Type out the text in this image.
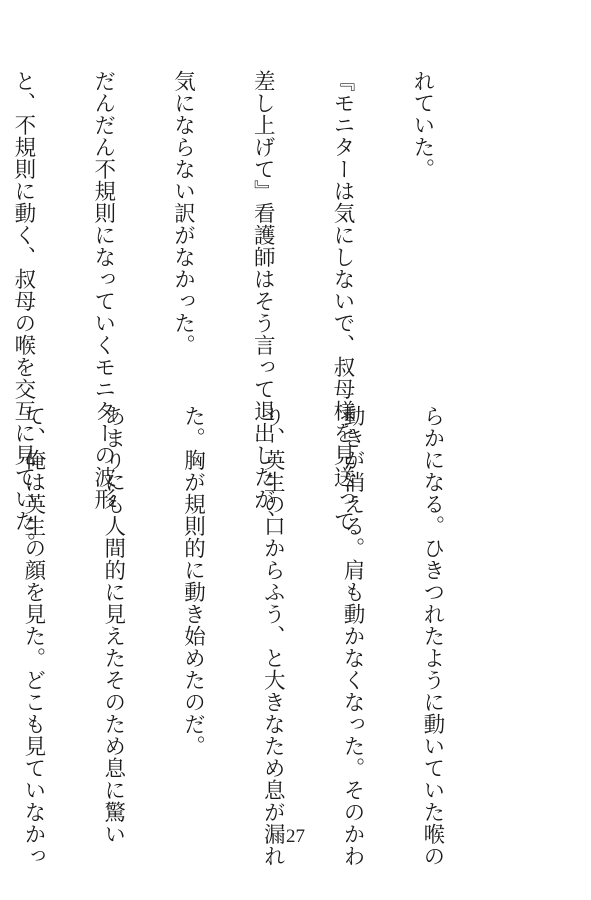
れていた。

『モニターは気にしないで、叔母様を見送って

差し上げて』看護師はそう言って退出したが、

気にならない訳がなかった。

だんだん不規則になっていくモニターの波形

と、不規則に動く、叔母の喉を交互に見ていた。

らかになる。ひきつれたように動いていた喉の

動きが消える。肩も動かなくなった。そのかわ

り、英生の口からふう、と大きなため息が漏れ

た。胸が規則的に動き始めたのだ。

あまりにも人間的に見えたそのため息に驚い

て、俺は英生の顔を見た。どこも見ていなかっ

	27
